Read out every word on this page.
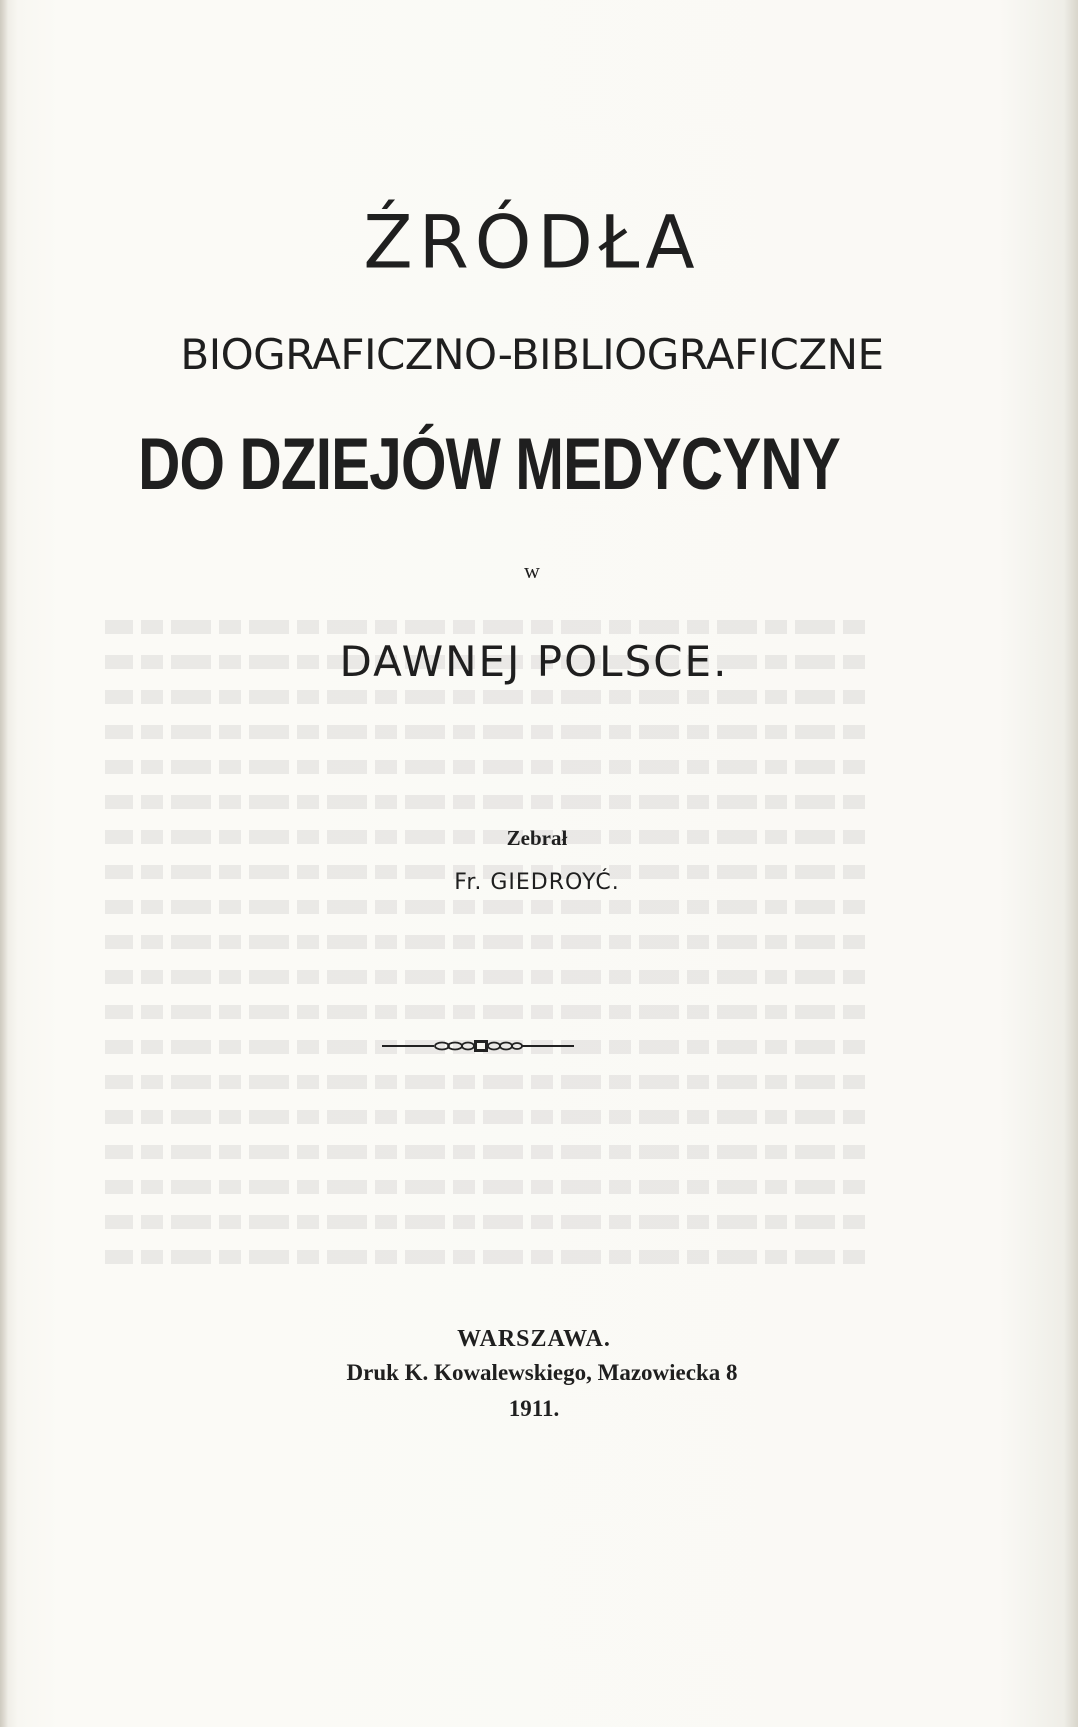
ŹRÓDŁA
BIOGRAFICZNO-BIBLIOGRAFICZNE
DO DZIEJÓW MEDYCYNY
w
DAWNEJ POLSCE.
Zebrał
Fr. GIEDROYĆ.
WARSZAWA.
Druk K. Kowalewskiego, Mazowiecka 8
1911.
